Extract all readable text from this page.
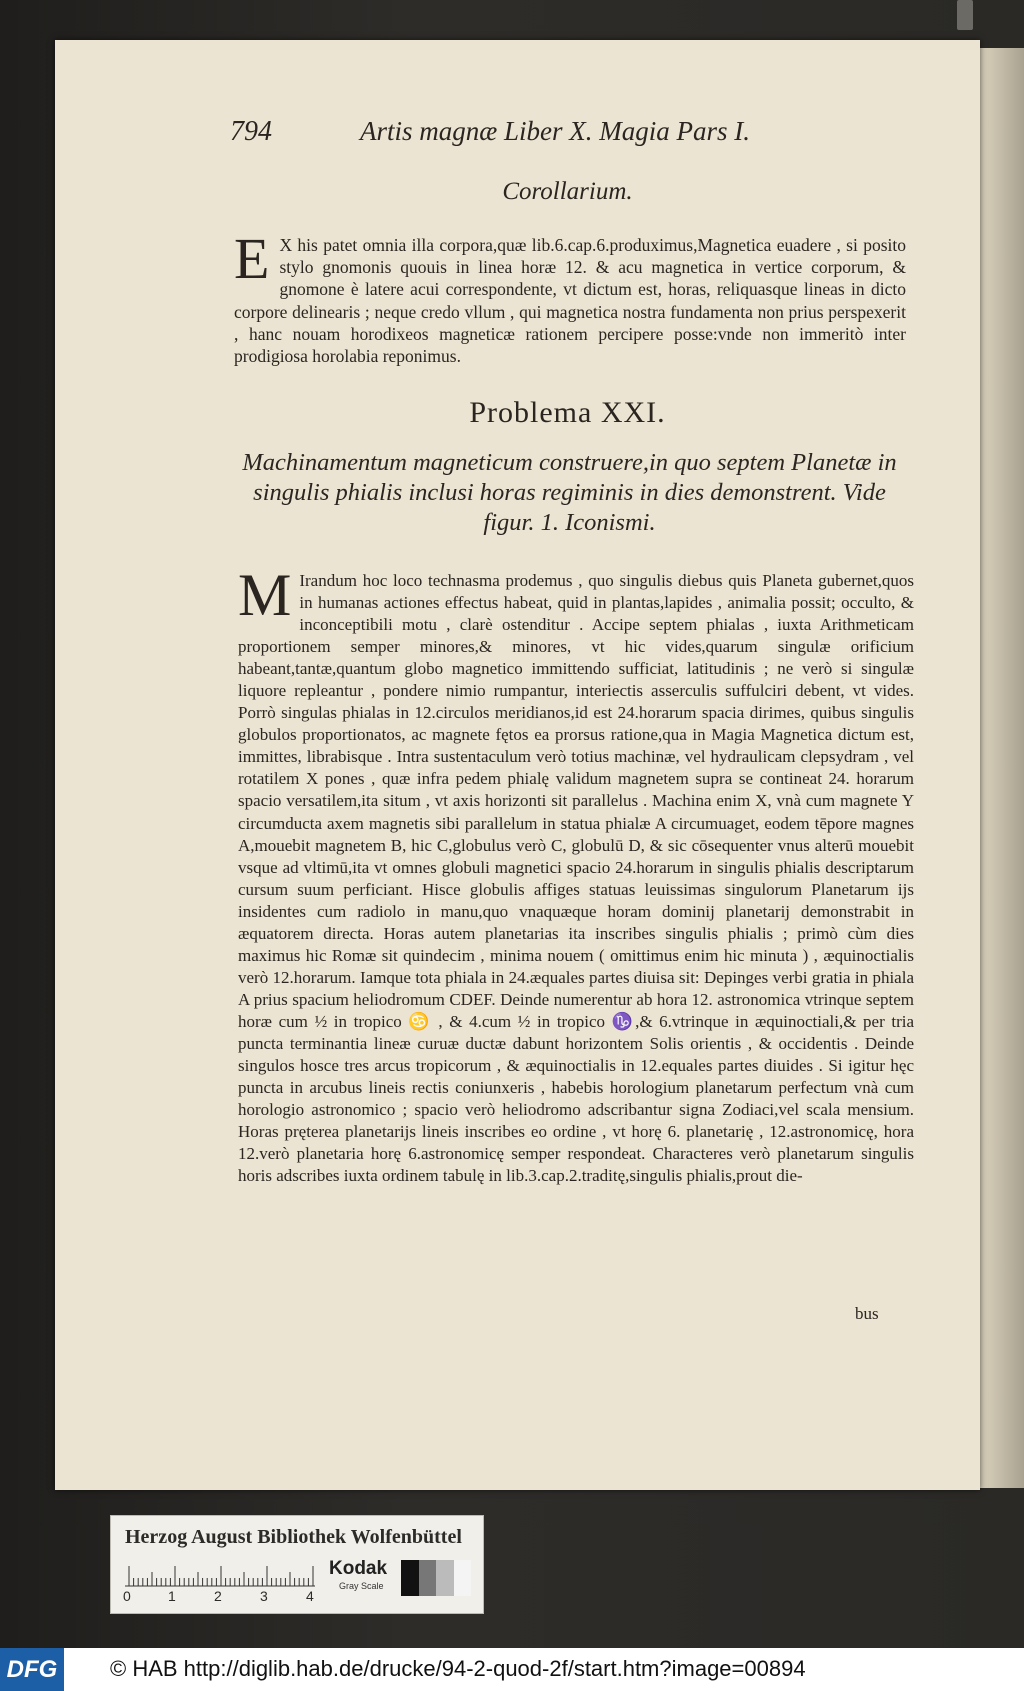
794	Artis magnæ Liber X. Magia Pars I.
Corollarium.
E X his patet omnia illa corpora,quæ lib.6.cap.6.produximus,Magnetica euadere , si posito stylo gnomonis quouis in linea horæ 12. & acu magnetica in vertice corporum, & gnomone è latere acui correspondente, vt dictum est, horas, reliquasque lineas in dicto corpore delinearis ; neque credo vllum , qui magnetica nostra fundamenta non prius perspexerit , hanc nouam horodixeos magneticæ rationem percipere posse:vnde non immeritò inter prodigiosa horolabia reponimus.
Problema XXI.
Machinamentum magneticum construere,in quo septem Planetæ in singulis phialis inclusi horas regiminis in dies demonstrent. Vide figur. 1. Iconismi.
M Irandum hoc loco technasma prodemus , quo singulis diebus quis Planeta gubernet,quos in humanas actiones effectus habeat, quid in plantas,lapides , animalia possit; occulto, & inconceptibili motu , clarè ostenditur . Accipe septem phialas , iuxta Arithmeticam proportionem semper minores,& minores, vt hic vides,quarum singulæ orificium habeant,tantæ,quantum globo magnetico immittendo sufficiat, latitudinis ; ne verò si singulæ liquore repleantur , pondere nimio rumpantur, interiectis asserculis suffulciri debent, vt vides. Porrò singulas phialas in 12.circulos meridianos,id est 24.horarum spacia dirimes, quibus singulis globulos proportionatos, ac magnete fętos ea prorsus ratione,qua in Magia Magnetica dictum est, immittes, librabisque . Intra sustentaculum verò totius machinæ, vel hydraulicam clepsydram , vel rotatilem X pones , quæ infra pedem phialę validum magnetem supra se contineat 24. horarum spacio versatilem,ita situm , vt axis horizonti sit parallelus . Machina enim X, vnà cum magnete Y circumducta axem magnetis sibi parallelum in statua phialæ A circumuaget, eodem tēpore magnes A,mouebit magnetem B, hic C,globulus verò C, globulū D, & sic cōsequenter vnus alterū mouebit vsque ad vltimū,ita vt omnes globuli magnetici spacio 24.horarum in singulis phialis descriptarum cursum suum perficiant. Hisce globulis affiges statuas leuissimas singulorum Planetarum ijs insidentes cum radiolo in manu,quo vnaquæque horam dominij planetarij demonstrabit in æquatorem directa. Horas autem planetarias ita inscribes singulis phialis ; primò cùm dies maximus hic Romæ sit quindecim , minima nouem ( omittimus enim hic minuta ) , æquinoctialis verò 12.horarum. Iamque tota phiala in 24.æquales partes diuisa sit: Depinges verbi gratia in phiala A prius spacium heliodromum CDEF. Deinde numerentur ab hora 12. astronomica vtrinque septem horæ cum ½ in tropico ♋ , & 4.cum ½ in tropico ♑,& 6.vtrinque in æquinoctiali,& per tria puncta terminantia lineæ curuæ ductæ dabunt horizontem Solis orientis , & occidentis . Deinde singulos hosce tres arcus tropicorum , & æquinoctialis in 12.equales partes diuides . Si igitur hęc puncta in arcubus lineis rectis coniunxeris , habebis horologium planetarum perfectum vnà cum horologio astronomico ; spacio verò heliodromo adscribantur signa Zodiaci,vel scala mensium. Horas pręterea planetarijs lineis inscribes eo ordine , vt horę 6. planetarię , 12.astronomicę, hora 12.verò planetaria horę 6.astronomicę semper respondeat. Characteres verò planetarum singulis horis adscribes iuxta ordinem tabulę in lib.3.cap.2.traditę,singulis phialis,prout die-
bus
Herzog August Bibliothek Wolfenbüttel
0	1	2	3	4
Kodak
Gray Scale
DFG	© HAB http://diglib.hab.de/drucke/94-2-quod-2f/start.htm?image=00894
